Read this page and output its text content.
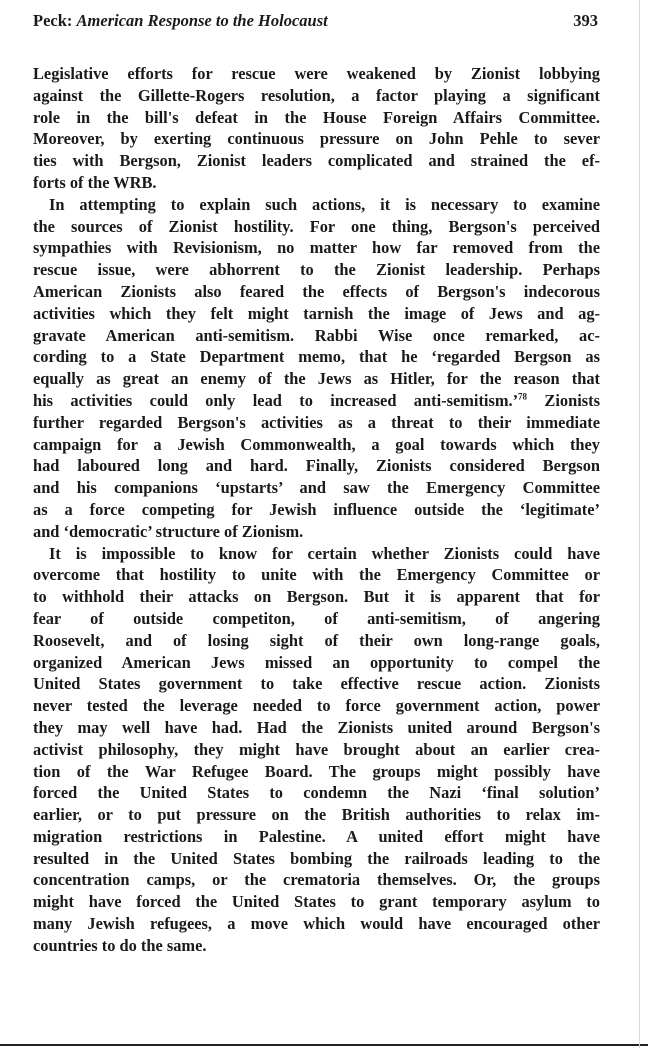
Peck: American Response to the Holocaust	393
Legislative efforts for rescue were weakened by Zionist lobbying
against the Gillette-Rogers resolution, a factor playing a significant
role in the bill's defeat in the House Foreign Affairs Committee.
Moreover, by exerting continuous pressure on John Pehle to sever
ties with Bergson, Zionist leaders complicated and strained the ef-
forts of the WRB.
In attempting to explain such actions, it is necessary to examine
the sources of Zionist hostility. For one thing, Bergson's perceived
sympathies with Revisionism, no matter how far removed from the
rescue issue, were abhorrent to the Zionist leadership. Perhaps
American Zionists also feared the effects of Bergson's indecorous
activities which they felt might tarnish the image of Jews and ag-
gravate American anti-semitism. Rabbi Wise once remarked, ac-
cording to a State Department memo, that he ‘regarded Bergson as
equally as great an enemy of the Jews as Hitler, for the reason that
his activities could only lead to increased anti-semitism.’$^{78}$ Zionists
further regarded Bergson's activities as a threat to their immediate
campaign for a Jewish Commonwealth, a goal towards which they
had laboured long and hard. Finally, Zionists considered Bergson
and his companions ‘upstarts’ and saw the Emergency Committee
as a force competing for Jewish influence outside the ‘legitimate’
and ‘democratic’ structure of Zionism.
It is impossible to know for certain whether Zionists could have
overcome that hostility to unite with the Emergency Committee or
to withhold their attacks on Bergson. But it is apparent that for
fear of outside competiton, of anti-semitism, of angering
Roosevelt, and of losing sight of their own long-range goals,
organized American Jews missed an opportunity to compel the
United States government to take effective rescue action. Zionists
never tested the leverage needed to force government action, power
they may well have had. Had the Zionists united around Bergson's
activist philosophy, they might have brought about an earlier crea-
tion of the War Refugee Board. The groups might possibly have
forced the United States to condemn the Nazi ‘final solution’
earlier, or to put pressure on the British authorities to relax im-
migration restrictions in Palestine. A united effort might have
resulted in the United States bombing the railroads leading to the
concentration camps, or the crematoria themselves. Or, the groups
might have forced the United States to grant temporary asylum to
many Jewish refugees, a move which would have encouraged other
countries to do the same.
